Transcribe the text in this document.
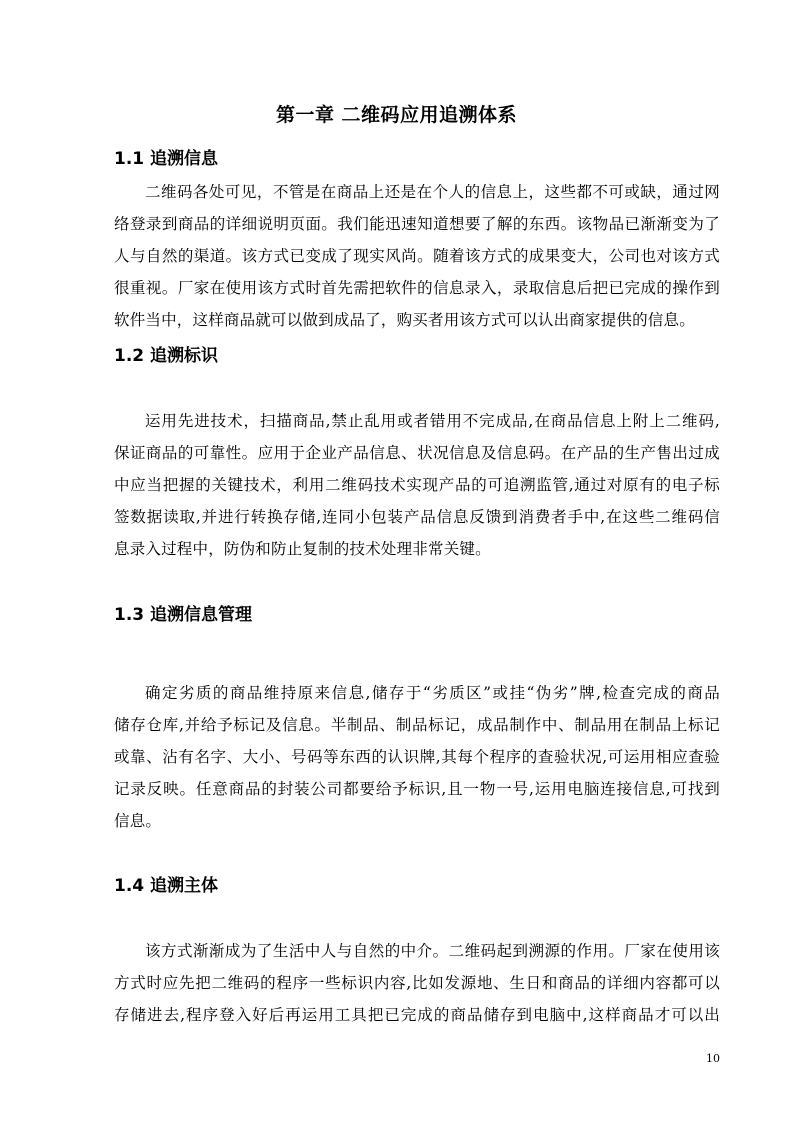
第一章 二维码应用追溯体系
1.1 追溯信息
二维码各处可见，不管是在商品上还是在个人的信息上，这些都不可或缺，通过网
络登录到商品的详细说明页面。我们能迅速知道想要了解的东西。该物品已渐渐变为了
人与自然的渠道。该方式已变成了现实风尚。随着该方式的成果变大，公司也对该方式
很重视。厂家在使用该方式时首先需把软件的信息录入，录取信息后把已完成的操作到
软件当中，这样商品就可以做到成品了，购买者用该方式可以认出商家提供的信息。
1.2 追溯标识
运用先进技术，扫描商品,禁止乱用或者错用不完成品,在商品信息上附上二维码,
保证商品的可靠性。应用于企业产品信息、状况信息及信息码。在产品的生产售出过成
中应当把握的关键技术，利用二维码技术实现产品的可追溯监管,通过对原有的电子标
签数据读取,并进行转换存储,连同小包装产品信息反馈到消费者手中,在这些二维码信
息录入过程中，防伪和防止复制的技术处理非常关键。
1.3 追溯信息管理
确定劣质的商品维持原来信息,储存于“劣质区”或挂“伪劣”牌,检查完成的商品
储存仓库,并给予标记及信息。半制品、制品标记，成品制作中、制品用在制品上标记
或靠、沾有名字、大小、号码等东西的认识牌,其每个程序的查验状况,可运用相应查验
记录反映。任意商品的封装公司都要给予标识,且一物一号,运用电脑连接信息,可找到
信息。
1.4 追溯主体
该方式渐渐成为了生活中人与自然的中介。二维码起到溯源的作用。厂家在使用该
方式时应先把二维码的程序一些标识内容,比如发源地、生日和商品的详细内容都可以
存储进去,程序登入好后再运用工具把已完成的商品储存到电脑中,这样商品才可以出
10
